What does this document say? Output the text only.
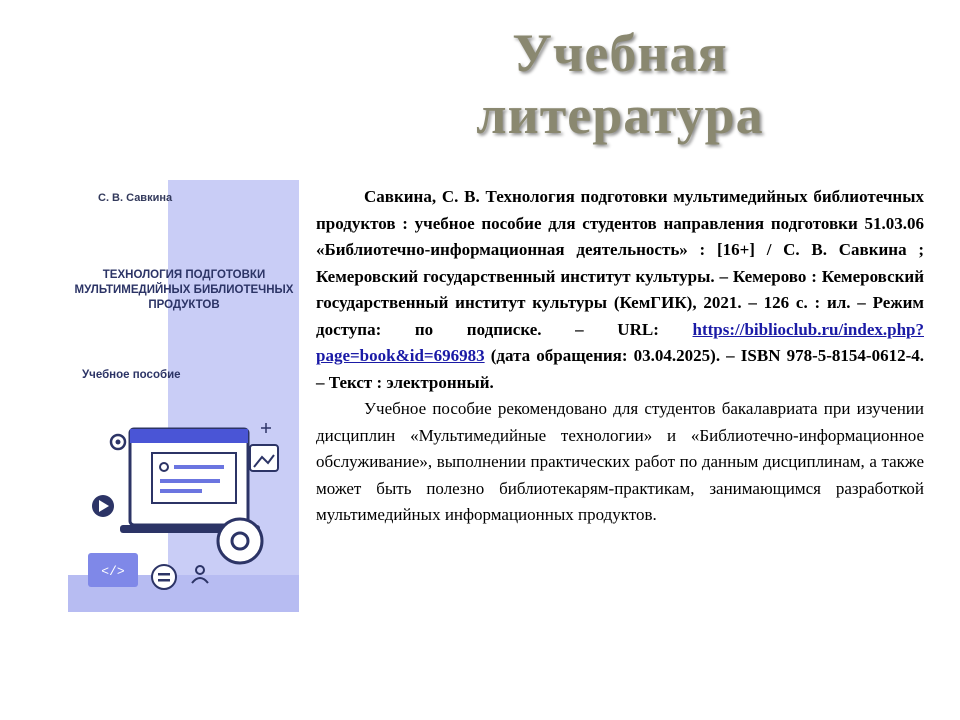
Учебная
литература
С. В. Савкина
ТЕХНОЛОГИЯ ПОДГОТОВКИ МУЛЬТИМЕДИЙНЫХ БИБЛИОТЕЧНЫХ ПРОДУКТОВ
Учебное пособие
</>

Савкина, С. В. Технология подготовки мультимедийных библиотечных продуктов : учебное пособие для студентов направления подготовки 51.03.06 «Библиотечно-информационная деятельность» : [16+] / С. В. Савкина ; Кемеровский государственный институт культуры. – Кемерово : Кемеровский государственный институт культуры (КемГИК), 2021. – 126 с. : ил. – Режим доступа: по подписке. – URL: https://biblioclub.ru/index.php?page=book&id=696983 (дата обращения: 03.04.2025). – ISBN 978-5-8154-0612-4. – Текст : электронный.

Учебное пособие рекомендовано для студентов бакалавриата при изучении дисциплин «Мультимедийные технологии» и «Библиотечно-информационное обслуживание», выполнении практических работ по данным дисциплинам, а также может быть полезно библиотекарям-практикам, занимающимся разработкой мультимедийных информационных продуктов.
